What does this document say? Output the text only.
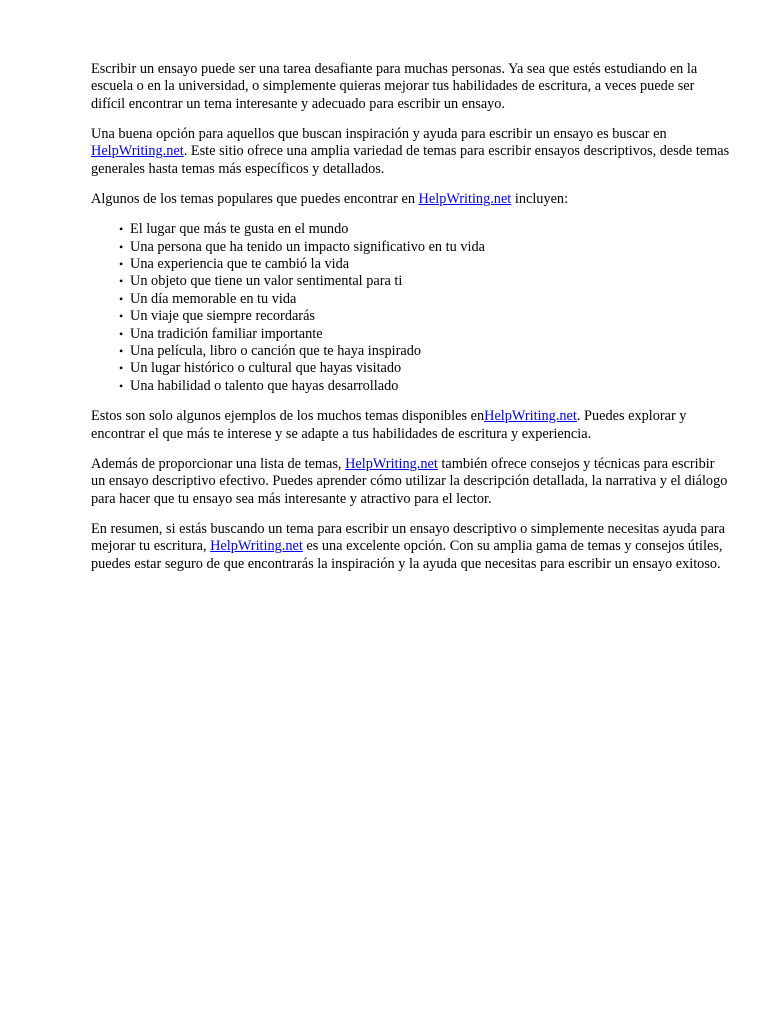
Escribir un ensayo puede ser una tarea desafiante para muchas personas. Ya sea que estés estudiando en la escuela o en la universidad, o simplemente quieras mejorar tus habilidades de escritura, a veces puede ser difícil encontrar un tema interesante y adecuado para escribir un ensayo.

Una buena opción para aquellos que buscan inspiración y ayuda para escribir un ensayo es buscar en HelpWriting.net. Este sitio ofrece una amplia variedad de temas para escribir ensayos descriptivos, desde temas generales hasta temas más específicos y detallados.

Algunos de los temas populares que puedes encontrar en HelpWriting.net incluyen:

• El lugar que más te gusta en el mundo
• Una persona que ha tenido un impacto significativo en tu vida
• Una experiencia que te cambió la vida
• Un objeto que tiene un valor sentimental para ti
• Un día memorable en tu vida
• Un viaje que siempre recordarás
• Una tradición familiar importante
• Una película, libro o canción que te haya inspirado
• Un lugar histórico o cultural que hayas visitado
• Una habilidad o talento que hayas desarrollado

Estos son solo algunos ejemplos de los muchos temas disponibles enHelpWriting.net. Puedes explorar y encontrar el que más te interese y se adapte a tus habilidades de escritura y experiencia.

Además de proporcionar una lista de temas, HelpWriting.net también ofrece consejos y técnicas para escribir un ensayo descriptivo efectivo. Puedes aprender cómo utilizar la descripción detallada, la narrativa y el diálogo para hacer que tu ensayo sea más interesante y atractivo para el lector.

En resumen, si estás buscando un tema para escribir un ensayo descriptivo o simplemente necesitas ayuda para mejorar tu escritura, HelpWriting.net es una excelente opción. Con su amplia gama de temas y consejos útiles, puedes estar seguro de que encontrarás la inspiración y la ayuda que necesitas para escribir un ensayo exitoso.
